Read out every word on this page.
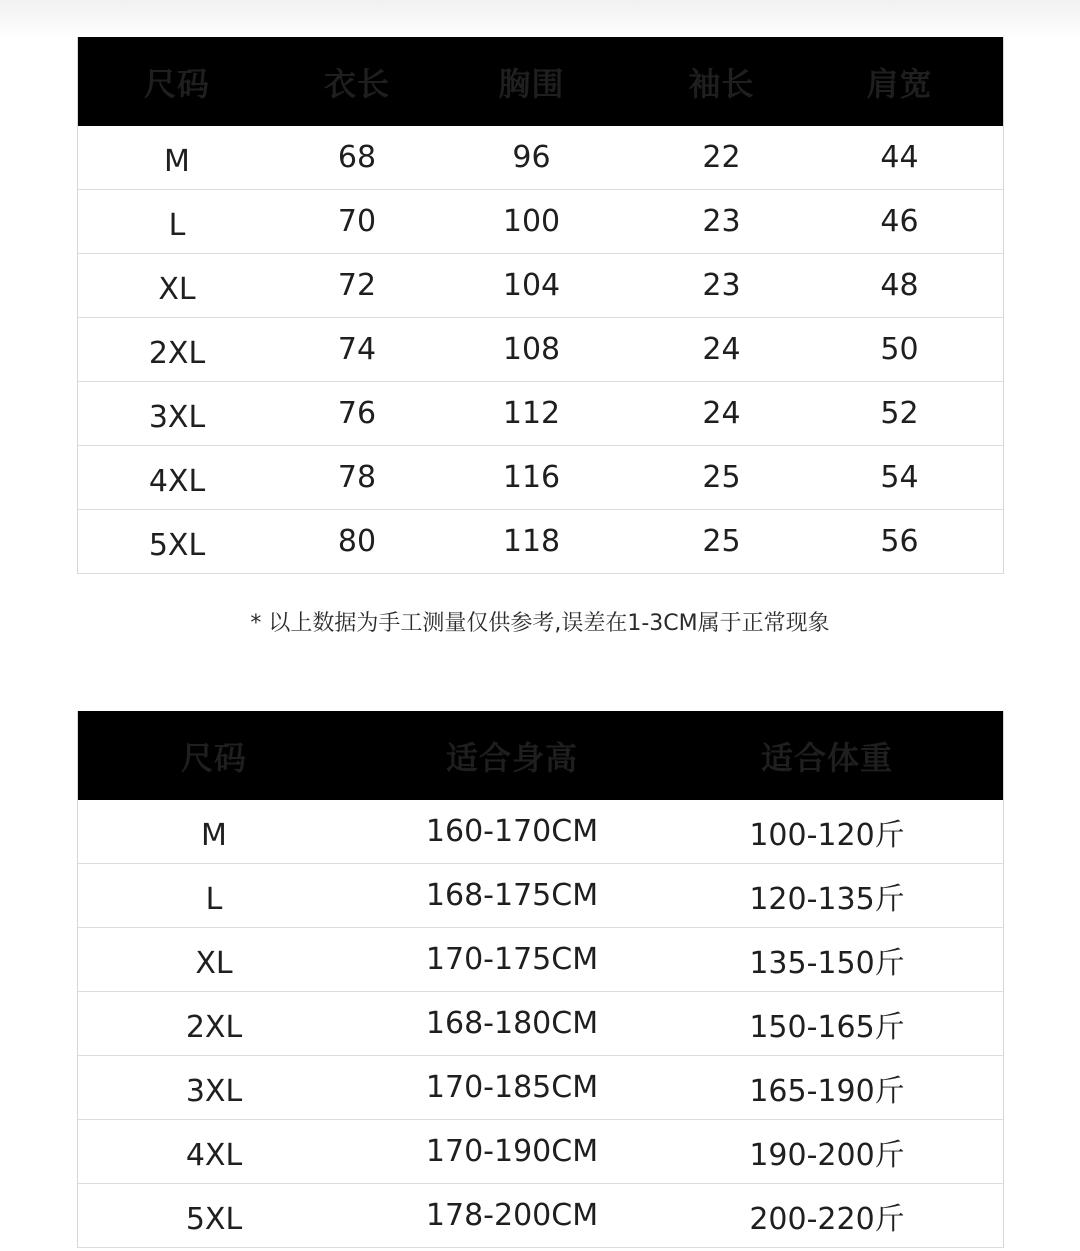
尺码	衣长	胸围	袖长	肩宽
M	68	96	22	44
L	70	100	23	46
XL	72	104	23	48
2XL	74	108	24	50
3XL	76	112	24	52
4XL	78	116	25	54
5XL	80	118	25	56
* 以上数据为手工测量仅供参考,误差在1-3CM属于正常现象
尺码	适合身高	适合体重
M	160-170CM	100-120斤
L	168-175CM	120-135斤
XL	170-175CM	135-150斤
2XL	168-180CM	150-165斤
3XL	170-185CM	165-190斤
4XL	170-190CM	190-200斤
5XL	178-200CM	200-220斤
